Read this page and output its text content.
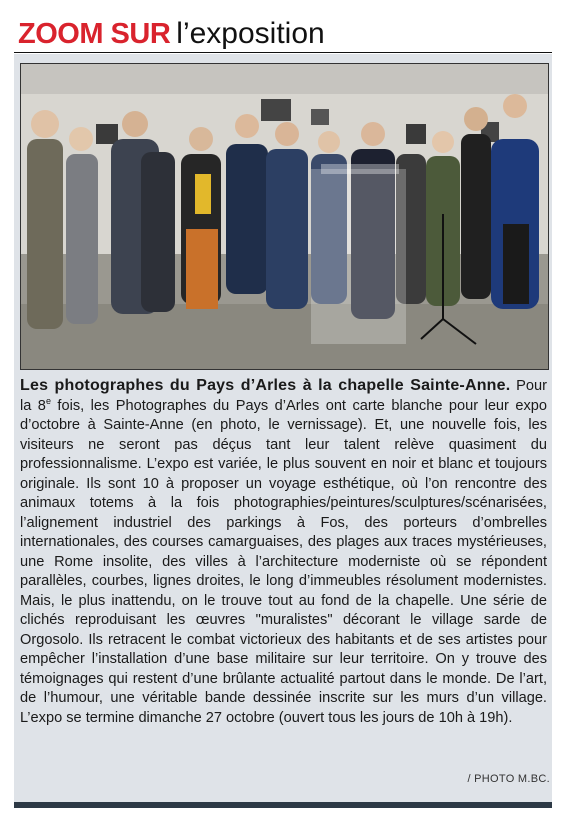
ZOOM SUR l’exposition
Les photographes du Pays d’Arles à la chapelle Sainte-Anne. Pour la 8e fois, les Photographes du Pays d’Arles ont carte blanche pour leur expo d’octobre à Sainte-Anne (en photo, le vernissage). Et, une nouvelle fois, les visiteurs ne seront pas déçus tant leur talent relève quasiment du professionnalisme. L’expo est variée, le plus souvent en noir et blanc et toujours originale. Ils sont 10 à proposer un voyage esthétique, où l’on rencontre des animaux totems à la fois photographies/peintures/sculptures/scénarisées, l’alignement industriel des parkings à Fos, des porteurs d’ombrelles internationales, des courses camarguaises, des plages aux traces mystérieuses, une Rome insolite, des villes à l’architecture moderniste où se répondent parallèles, courbes, lignes droites, le long d’immeubles résolument modernistes. Mais, le plus inattendu, on le trouve tout au fond de la chapelle. Une série de clichés reproduisant les œuvres "muralistes" décorant le village sarde de Orgosolo. Ils retracent le combat victorieux des habitants et de ses artistes pour empêcher l’installation d’une base militaire sur leur territoire. On y trouve des témoignages qui restent d’une brûlante actualité partout dans le monde. De l’art, de l’humour, une véritable bande dessinée inscrite sur les murs d’un village. L’expo se termine dimanche 27 octobre (ouvert tous les jours de 10h à 19h).
/ PHOTO M.BC.
